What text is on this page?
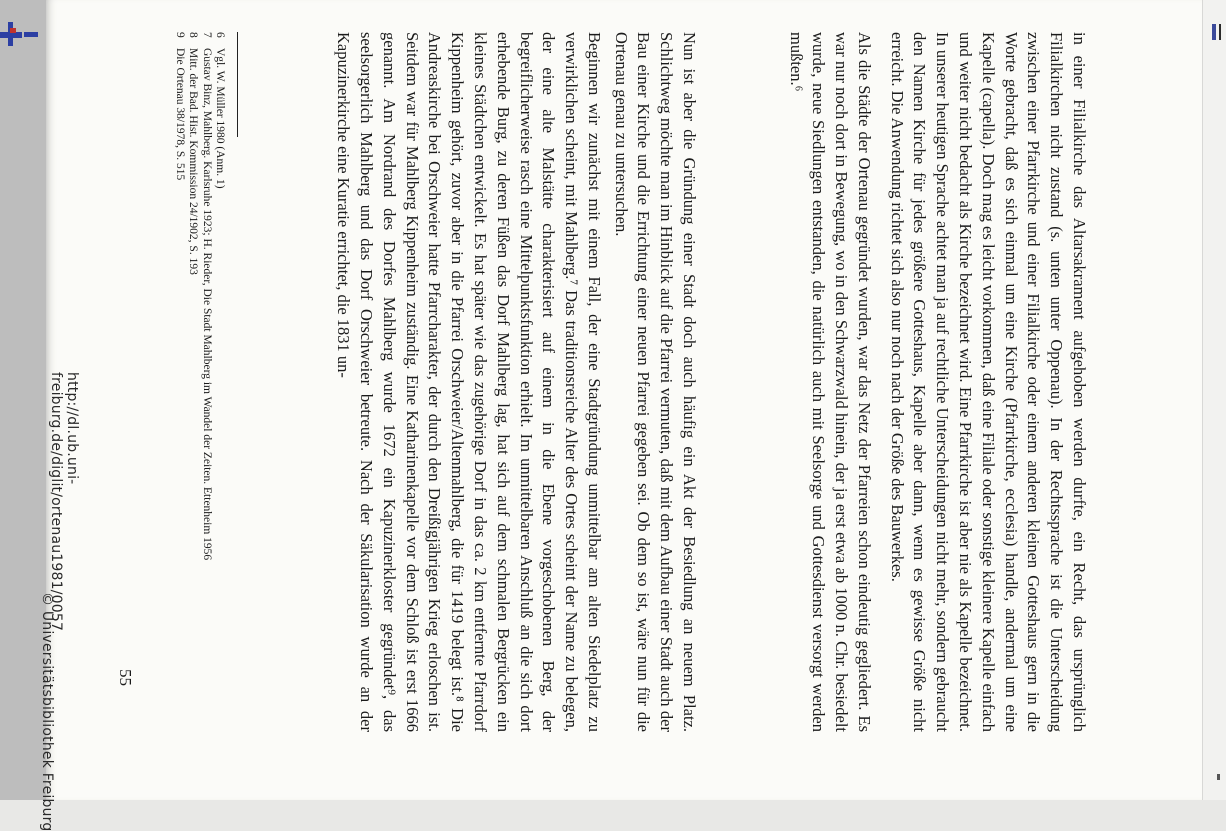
in einer Filialkirche das Altarsakrament aufgehoben werden durfte, ein Recht, das ursprünglich Filialkirchen nicht zustand (s. unten unter Oppenau). In der Rechtssprache ist die Unterscheidung zwischen einer Pfarrkirche und einer Filialkirche oder einem anderen kleinen Gotteshaus gern in die Worte gebracht, daß es sich einmal um eine Kirche (Pfarrkirche, ecclesia) handle, andermal um eine Kapelle (capella). Doch mag es leicht vorkommen, daß eine Filiale oder sonstige kleinere Kapelle einfach und weiter nicht bedacht als Kirche bezeichnet wird. Eine Pfarrkirche ist aber nie als Kapelle bezeichnet. In unserer heutigen Sprache achtet man ja auf rechtliche Unterscheidungen nicht mehr, sondern gebraucht den Namen Kirche für jedes größere Gotteshaus, Kapelle aber dann, wenn es gewisse Größe nicht erreicht. Die Anwendung richtet sich also nur noch nach der Größe des Bauwerkes.

Als die Städte der Ortenau gegründet wurden, war das Netz der Pfarreien schon eindeutig gegliedert. Es war nur noch dort in Bewegung, wo in den Schwarzwald hinein, der ja erst etwa ab 1000 n. Chr. besiedelt wurde, neue Siedlungen entstanden, die natürlich auch mit Seelsorge und Gottesdienst versorgt werden mußten.⁶

Nun ist aber die Gründung einer Stadt doch auch häufig ein Akt der Besiedlung an neuem Platz. Schlichtweg möchte man im Hinblick auf die Pfarrei vermuten, daß mit dem Aufbau einer Stadt auch der Bau einer Kirche und die Errichtung einer neuen Pfarrei gegeben sei. Ob dem so ist, wäre nun für die Ortenau genau zu untersuchen.

Beginnen wir zunächst mit einem Fall, der eine Stadtgründung unmittelbar am alten Siedelplatz zu verwirklichen scheint, mit Mahlberg.⁷ Das traditionsreiche Alter des Ortes scheint der Name zu belegen, der eine alte Malstätte charakterisiert auf einem in die Ebene vorgeschobenen Berg, der begreiflicherweise rasch eine Mittelpunktsfunktion erhielt. Im unmittelbaren Anschluß an die sich dort erhebende Burg, zu deren Füßen das Dorf Mahlberg lag, hat sich auf dem schmalen Bergrücken ein kleines Städtchen entwickelt. Es hat später wie das zugehörige Dorf in das ca. 2 km entfernte Pfarrdorf Kippenheim gehört, zuvor aber in die Pfarrei Orschweier/Altenmahlberg, die für 1419 belegt ist.⁸ Die Andreaskirche bei Orschweier hatte Pfarrcharakter, der durch den Dreißigjährigen Krieg erloschen ist. Seitdem war für Mahlberg Kippenheim zuständig. Eine Katharinenkapelle vor dem Schloß ist erst 1666 genannt. Am Nordrand des Dorfes Mahlberg wurde 1672 ein Kapuzinerkloster gegründet⁹, das seelsorgerlich Mahlberg und das Dorf Orschweier betreute. Nach der Säkularisation wurde an der Kapuzinerkirche eine Kuratie errichtet, die 1831 un-

6
Vgl. W. Müller 1980 (Anm. 1)
7
Gustav Binz, Mahlberg. Karlsruhe 1923; H. Rieder, Die Stadt Mahlberg im Wandel der Zeiten. Ettenheim 1956
8
Mitt. der Bad. Hist. Kommission 24/1902, S. 193
9
Die Ortenau 38/1978, S. 515
55
http://dl.ub.uni-freiburg.de/diglit/ortenau1981/0057
© Universitätsbibliothek Freiburg
